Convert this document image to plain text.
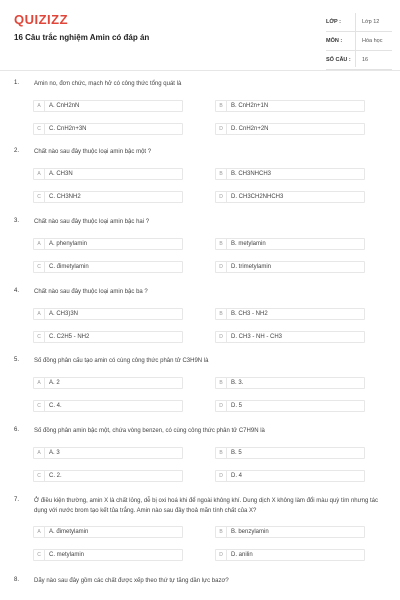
QUIZIZZ
16 Câu trắc nghiệm Amin có đáp án
LỚP :	Lớp 12
MÔN :	Hóa học
SỐ CÂU :	16
1. Amin no, đơn chức, mạch hở có công thức tổng quát là
A	A. CnH2nN	B	B. CnH2n+1N
C	C. CnH2n+3N	D	D. CnH2n+2N
2. Chất nào sau đây thuộc loại amin bậc một ?
A	A. CH3N	B	B. CH3NHCH3
C	C. CH3NH2	D	D. CH3CH2NHCH3
3. Chất nào sau đây thuộc loại amin bậc hai ?
A	A. phenylamin	B	B. metylamin
C	C. đimetylamin	D	D. trimetylamin
4. Chất nào sau đây thuộc loại amin bậc ba ?
A	A. CH3)3N	B	B. CH3 - NH2
C	C. C2H5 - NH2	D	D. CH3 - NH - CH3
5. Số đồng phân cấu tạo amin có cùng công thức phân tử C3H9N là
A	A. 2	B	B. 3.
C	C. 4.	D	D. 5
6. Số đồng phân amin bậc một, chứa vòng benzen, có cùng công thức phân tử C7H9N là
A	A. 3	B	B. 5
C	C. 2.	D	D. 4
7. Ở điều kiện thường, amin X là chất lỏng, dễ bị oxi hoá khi để ngoài không khí. Dung dịch X không làm đổi màu quỳ tím nhưng tác dụng với nước brom tạo kết tủa trắng. Amin nào sau đây thoả mãn tính chất của X?
A	A. đimetylamin	B	B. benzylamin
C	C. metylamin	D	D. anilin
8. Dãy nào sau đây gồm các chất được xếp theo thứ tự tăng dần lực bazơ?
